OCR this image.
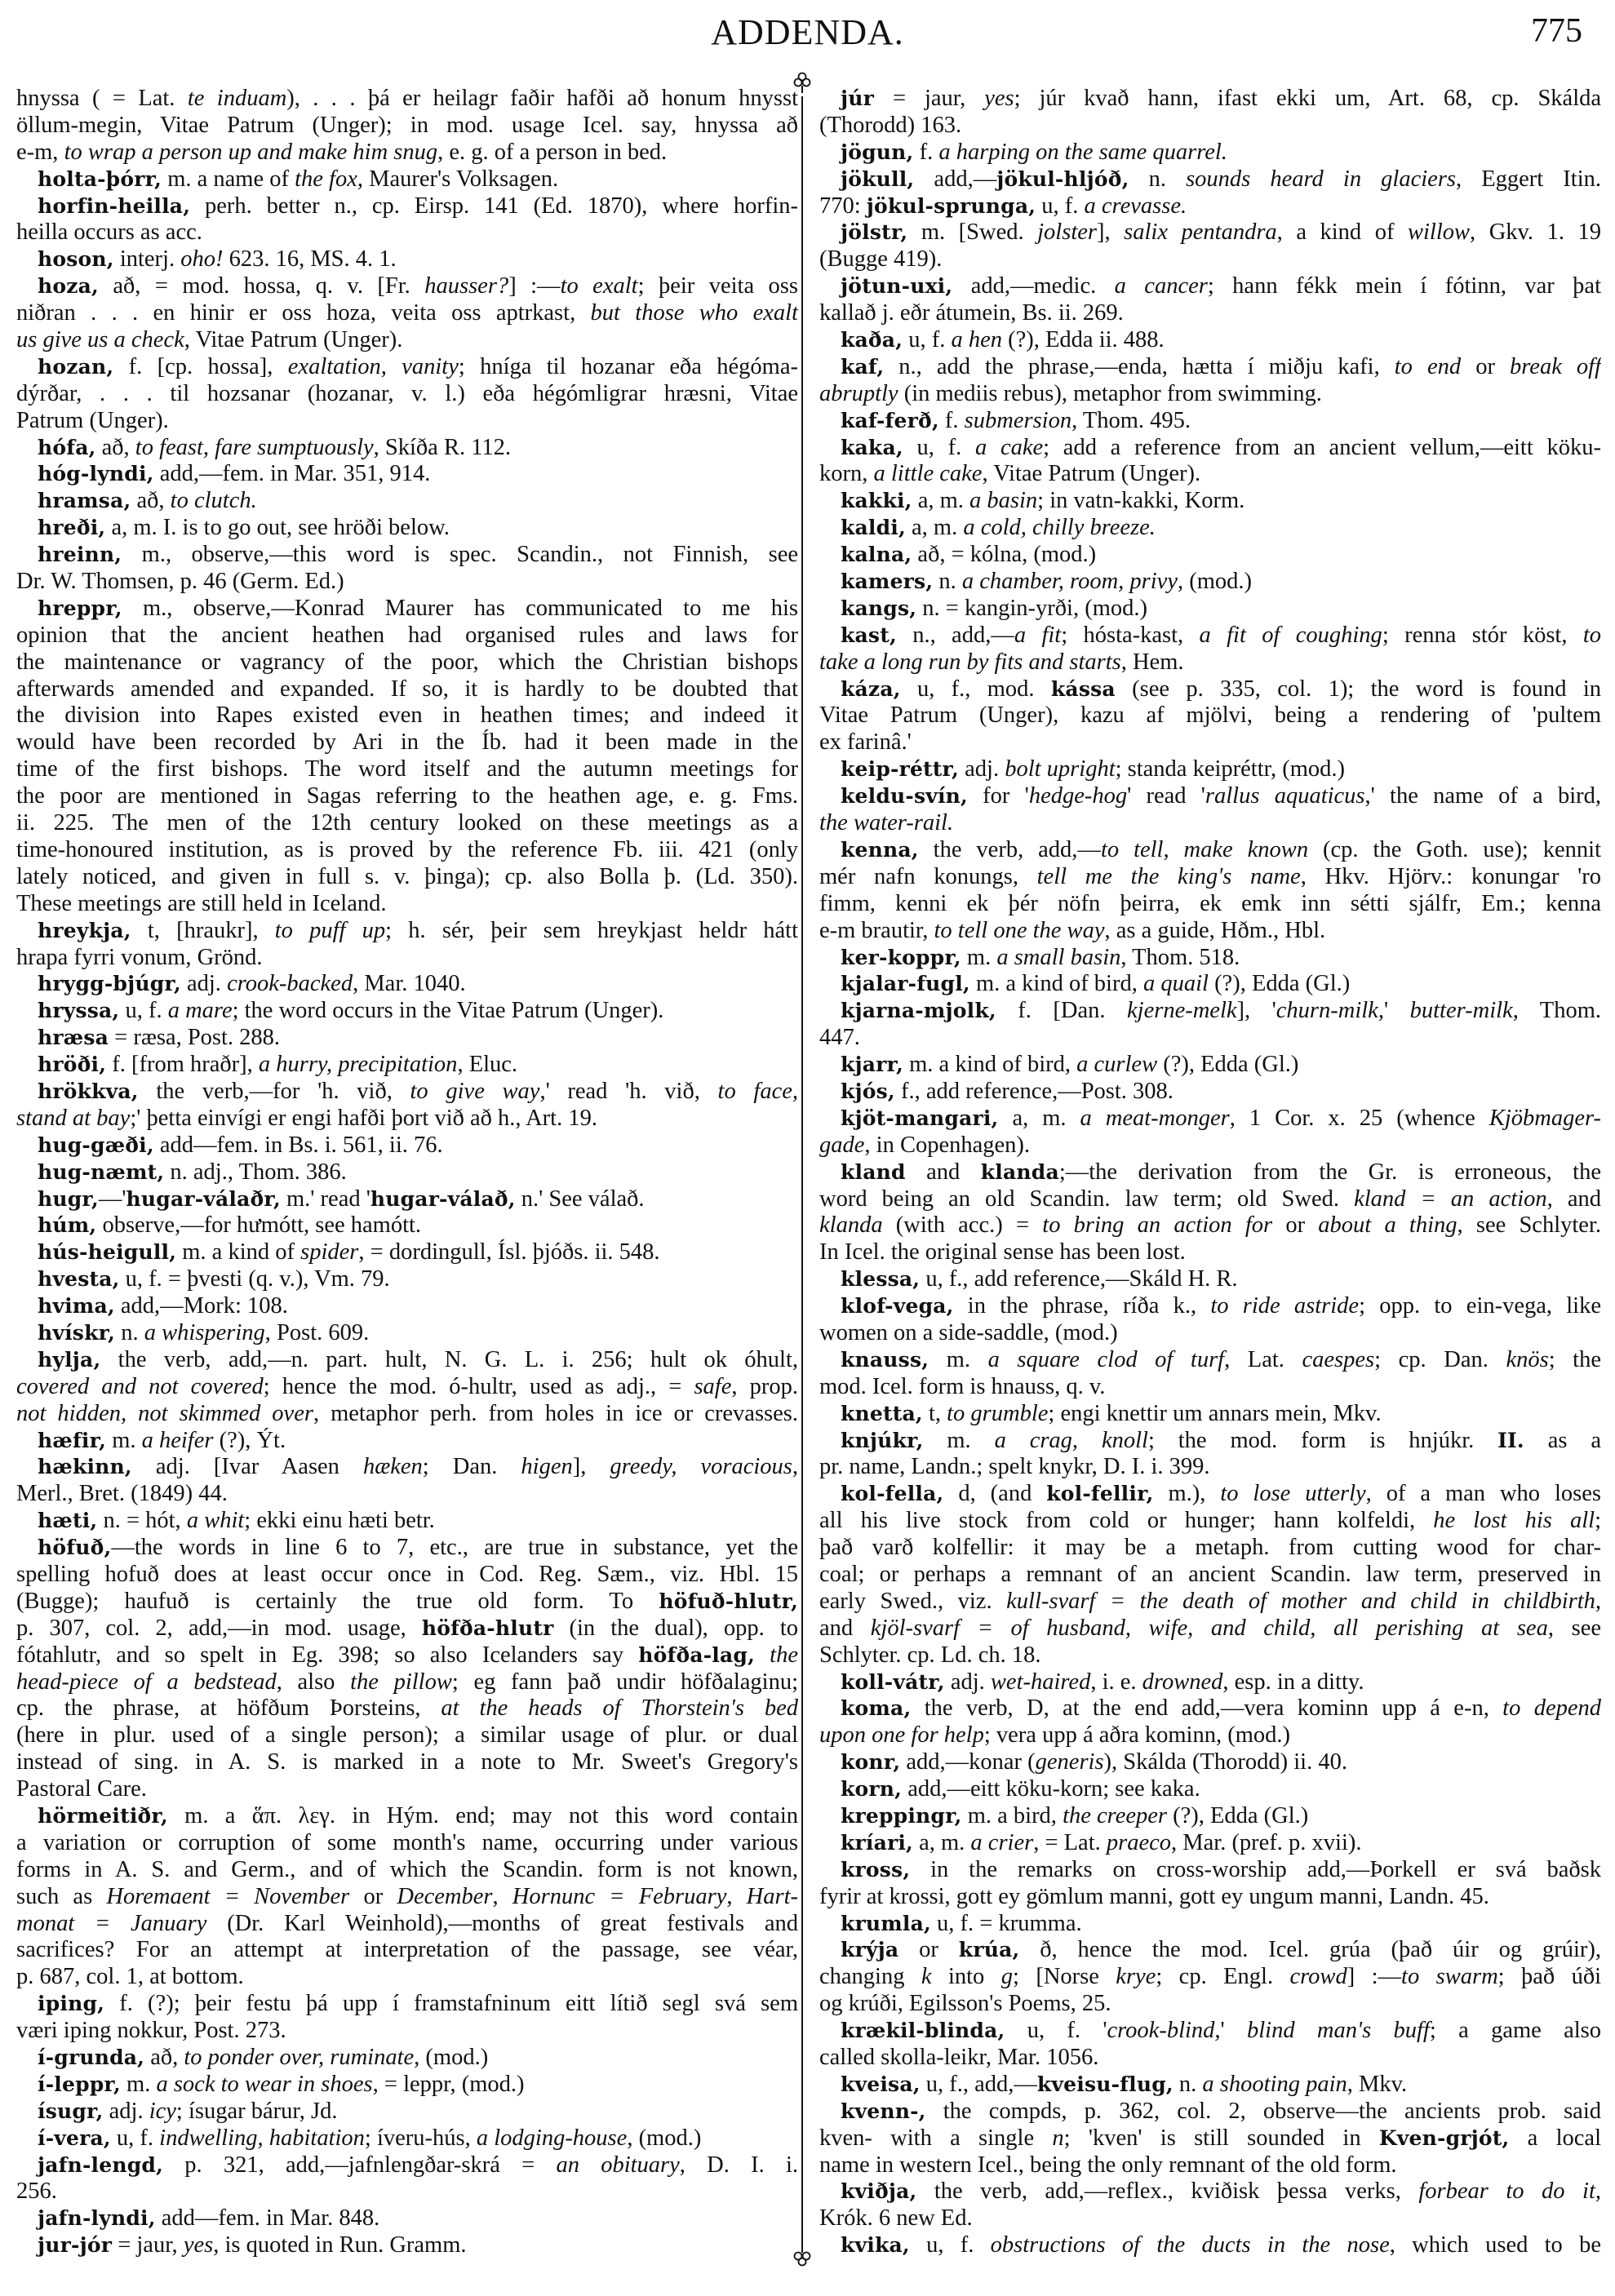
ADDENDA.	775
hnyssa ( = Lat. te induam), . . . þá er heilagr faðir hafði að honum hnysst
öllum-megin, Vitae Patrum (Unger); in mod. usage Icel. say, hnyssa að
e-m, to wrap a person up and make him snug, e. g. of a person in bed.
holta-þórr, m. a name of the fox, Maurer's Volksagen.
horfin-heilla, perh. better n., cp. Eirsp. 141 (Ed. 1870), where horfin-
heilla occurs as acc.
hoson, interj. oho! 623. 16, MS. 4. 1.
hoza, að, = mod. hossa, q. v. [Fr. hausser?] :—to exalt; þeir veita oss
niðran . . . en hinir er oss hoza, veita oss aptrkast, but those who exalt
us give us a check, Vitae Patrum (Unger).
hozan, f. [cp. hossa], exaltation, vanity; hníga til hozanar eða hégóma-
dýrðar, . . . til hozsanar (hozanar, v. l.) eða hégómligrar hræsni, Vitae
Patrum (Unger).
hófa, að, to feast, fare sumptuously, Skíða R. 112.
hóg-lyndi, add,—fem. in Mar. 351, 914.
hramsa, að, to clutch.
hreði, a, m. I. is to go out, see hröði below.
hreinn, m., observe,—this word is spec. Scandin., not Finnish, see
Dr. W. Thomsen, p. 46 (Germ. Ed.)
hreppr, m., observe,—Konrad Maurer has communicated to me his
opinion that the ancient heathen had organised rules and laws for
the maintenance or vagrancy of the poor, which the Christian bishops
afterwards amended and expanded. If so, it is hardly to be doubted that
the division into Rapes existed even in heathen times; and indeed it
would have been recorded by Ari in the Íb. had it been made in the
time of the first bishops. The word itself and the autumn meetings for
the poor are mentioned in Sagas referring to the heathen age, e. g. Fms.
ii. 225. The men of the 12th century looked on these meetings as a
time-honoured institution, as is proved by the reference Fb. iii. 421 (only
lately noticed, and given in full s. v. þinga); cp. also Bolla þ. (Ld. 350).
These meetings are still held in Iceland.
hreykja, t, [hraukr], to puff up; h. sér, þeir sem hreykjast heldr hátt
hrapa fyrri vonum, Grönd.
hrygg-bjúgr, adj. crook-backed, Mar. 1040.
hryssa, u, f. a mare; the word occurs in the Vitae Patrum (Unger).
hræsa = ræsa, Post. 288.
hröði, f. [from hraðr], a hurry, precipitation, Eluc.
hrökkva, the verb,—for 'h. við, to give way,' read 'h. við, to face,
stand at bay;' þetta einvígi er engi hafði þort við að h., Art. 19.
hug-gæði, add—fem. in Bs. i. 561, ii. 76.
hug-næmt, n. adj., Thom. 386.
hugr,—'hugar-válaðr, m.' read 'hugar-válað, n.' See válað.
húm, observe,—for hưmótt, see hamótt.
hús-heigull, m. a kind of spider, = dordingull, Ísl. þjóðs. ii. 548.
hvesta, u, f. = þvesti (q. v.), Vm. 79.
hvima, add,—Mork: 108.
hvískr, n. a whispering, Post. 609.
hylja, the verb, add,—n. part. hult, N. G. L. i. 256; hult ok óhult,
covered and not covered; hence the mod. ó-hultr, used as adj., = safe, prop.
not hidden, not skimmed over, metaphor perh. from holes in ice or crevasses.
hæfir, m. a heifer (?), Ýt.
hækinn, adj. [Ivar Aasen hæken; Dan. higen], greedy, voracious,
Merl., Bret. (1849) 44.
hæti, n. = hót, a whit; ekki einu hæti betr.
höfuð,—the words in line 6 to 7, etc., are true in substance, yet the
spelling hofuð does at least occur once in Cod. Reg. Sæm., viz. Hbl. 15
(Bugge); haufuð is certainly the true old form. To höfuð-hlutr,
p. 307, col. 2, add,—in mod. usage, höfða-hlutr (in the dual), opp. to
fótahlutr, and so spelt in Eg. 398; so also Icelanders say höfða-lag, the
head-piece of a bedstead, also the pillow; eg fann það undir höfðalaginu;
cp. the phrase, at höfðum Þorsteins, at the heads of Thorstein's bed
(here in plur. used of a single person); a similar usage of plur. or dual
instead of sing. in A. S. is marked in a note to Mr. Sweet's Gregory's
Pastoral Care.
hörmeitiðr, m. a ἅπ. λεγ. in Hým. end; may not this word contain
a variation or corruption of some month's name, occurring under various
forms in A. S. and Germ., and of which the Scandin. form is not known,
such as Horemaent = November or December, Hornunc = February, Hart-
monat = January (Dr. Karl Weinhold),—months of great festivals and
sacrifices? For an attempt at interpretation of the passage, see véar,
p. 687, col. 1, at bottom.
iping, f. (?); þeir festu þá upp í framstafninum eitt lítið segl svá sem
væri iping nokkur, Post. 273.
í-grunda, að, to ponder over, ruminate, (mod.)
í-leppr, m. a sock to wear in shoes, = leppr, (mod.)
ísugr, adj. icy; ísugar bárur, Jd.
í-vera, u, f. indwelling, habitation; íveru-hús, a lodging-house, (mod.)
jafn-lengd, p. 321, add,—jafnlengðar-skrá = an obituary, D. I. i.
256.
jafn-lyndi, add—fem. in Mar. 848.
jur-jór = jaur, yes, is quoted in Run. Gramm.
júr = jaur, yes; júr kvað hann, ifast ekki um, Art. 68, cp. Skálda
(Thorodd) 163.
jögun, f. a harping on the same quarrel.
jökull, add,—jökul-hljóð, n. sounds heard in glaciers, Eggert Itin.
770: jökul-sprunga, u, f. a crevasse.
jölstr, m. [Swed. jolster], salix pentandra, a kind of willow, Gkv. 1. 19
(Bugge 419).
jötun-uxi, add,—medic. a cancer; hann fékk mein í fótinn, var þat
kallað j. eðr átumein, Bs. ii. 269.
kaða, u, f. a hen (?), Edda ii. 488.
kaf, n., add the phrase,—enda, hætta í miðju kafi, to end or break off
abruptly (in mediis rebus), metaphor from swimming.
kaf-ferð, f. submersion, Thom. 495.
kaka, u, f. a cake; add a reference from an ancient vellum,—eitt köku-
korn, a little cake, Vitae Patrum (Unger).
kakki, a, m. a basin; in vatn-kakki, Korm.
kaldi, a, m. a cold, chilly breeze.
kalna, að, = kólna, (mod.)
kamers, n. a chamber, room, privy, (mod.)
kangs, n. = kangin-yrði, (mod.)
kast, n., add,—a fit; hósta-kast, a fit of coughing; renna stór köst, to
take a long run by fits and starts, Hem.
káza, u, f., mod. kássa (see p. 335, col. 1); the word is found in
Vitae Patrum (Unger), kazu af mjölvi, being a rendering of 'pultem
ex farinâ.'
keip-réttr, adj. bolt upright; standa keipréttr, (mod.)
keldu-svín, for 'hedge-hog' read 'rallus aquaticus,' the name of a bird,
the water-rail.
kenna, the verb, add,—to tell, make known (cp. the Goth. use); kennit
mér nafn konungs, tell me the king's name, Hkv. Hjörv.: konungar 'ro
fimm, kenni ek þér nöfn þeirra, ek emk inn sétti sjálfr, Em.; kenna
e-m brautir, to tell one the way, as a guide, Hðm., Hbl.
ker-koppr, m. a small basin, Thom. 518.
kjalar-fugl, m. a kind of bird, a quail (?), Edda (Gl.)
kjarna-mjolk, f. [Dan. kjerne-melk], 'churn-milk,' butter-milk, Thom.
447.
kjarr, m. a kind of bird, a curlew (?), Edda (Gl.)
kjós, f., add reference,—Post. 308.
kjöt-mangari, a, m. a meat-monger, 1 Cor. x. 25 (whence Kjöbmager-
gade, in Copenhagen).
kland and klanda;—the derivation from the Gr. is erroneous, the
word being an old Scandin. law term; old Swed. kland = an action, and
klanda (with acc.) = to bring an action for or about a thing, see Schlyter.
In Icel. the original sense has been lost.
klessa, u, f., add reference,—Skáld H. R.
klof-vega, in the phrase, ríða k., to ride astride; opp. to ein-vega, like
women on a side-saddle, (mod.)
knauss, m. a square clod of turf, Lat. caespes; cp. Dan. knös; the
mod. Icel. form is hnauss, q. v.
knetta, t, to grumble; engi knettir um annars mein, Mkv.
knjúkr, m. a crag, knoll; the mod. form is hnjúkr. II. as a
pr. name, Landn.; spelt knykr, D. I. i. 399.
kol-fella, d, (and kol-fellir, m.), to lose utterly, of a man who loses
all his live stock from cold or hunger; hann kolfeldi, he lost his all;
það varð kolfellir: it may be a metaph. from cutting wood for char-
coal; or perhaps a remnant of an ancient Scandin. law term, preserved in
early Swed., viz. kull-svarf = the death of mother and child in childbirth,
and kjöl-svarf = of husband, wife, and child, all perishing at sea, see
Schlyter. cp. Ld. ch. 18.
koll-vátr, adj. wet-haired, i. e. drowned, esp. in a ditty.
koma, the verb, D, at the end add,—vera kominn upp á e-n, to depend
upon one for help; vera upp á aðra kominn, (mod.)
konr, add,—konar (generis), Skálda (Thorodd) ii. 40.
korn, add,—eitt köku-korn; see kaka.
kreppingr, m. a bird, the creeper (?), Edda (Gl.)
kríari, a, m. a crier, = Lat. praeco, Mar. (pref. p. xvii).
kross, in the remarks on cross-worship add,—Þorkell er svá baðsk
fyrir at krossi, gott ey gömlum manni, gott ey ungum manni, Landn. 45.
krumla, u, f. = krumma.
krýja or krúa, ð, hence the mod. Icel. grúa (það úir og grúir),
changing k into g; [Norse krye; cp. Engl. crowd] :—to swarm; það úði
og krúði, Egilsson's Poems, 25.
krækil-blinda, u, f. 'crook-blind,' blind man's buff; a game also
called skolla-leikr, Mar. 1056.
kveisa, u, f., add,—kveisu-flug, n. a shooting pain, Mkv.
kvenn-, the compds, p. 362, col. 2, observe—the ancients prob. said
kven- with a single n; 'kven' is still sounded in Kven-grjót, a local
name in western Icel., being the only remnant of the old form.
kviðja, the verb, add,—reflex., kviðisk þessa verks, forbear to do it,
Krók. 6 new Ed.
kvika, u, f. obstructions of the ducts in the nose, which used to be
